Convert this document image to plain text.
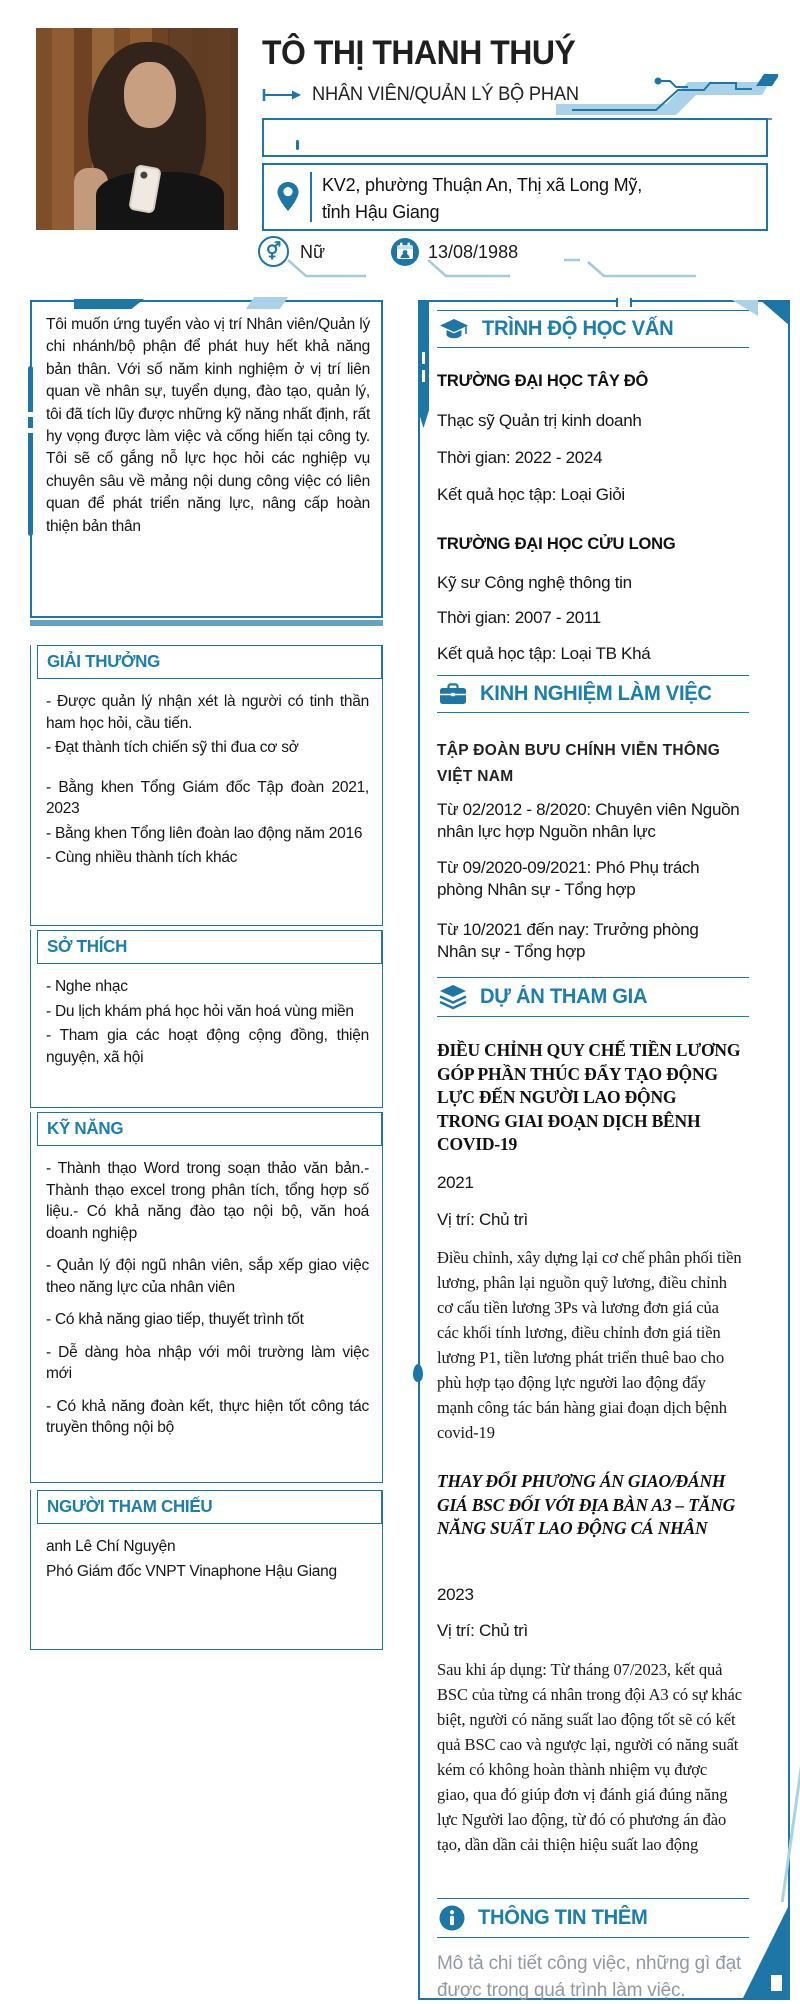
TÔ THỊ THANH THUÝ
NHÂN VIÊN/QUẢN LÝ BỘ PHAN
KV2, phường Thuận An, Thị xã Long Mỹ,
tỉnh Hậu Giang
⚥	Nữ	13/08/1988

Tôi muốn ứng tuyển vào vị trí Nhân viên/Quản lý chi nhánh/bộ phận để phát huy hết khả năng bản thân. Với số năm kinh nghiệm ở vị trí liên quan về nhân sự, tuyển dụng, đào tạo, quản lý, tôi đã tích lũy được những kỹ năng nhất định, rất hy vọng được làm việc và cống hiến tại công ty. Tôi sẽ cố gắng nỗ lực học hỏi các nghiệp vụ chuyên sâu về mảng nội dung công việc có liên quan để phát triển năng lực, nâng cấp hoàn thiện bản thân

GIẢI THƯỞNG

- Được quản lý nhận xét là người có tinh thần ham học hỏi, cầu tiến.

- Đạt thành tích chiến sỹ thi đua cơ sở

- Bằng khen Tổng Giám đốc Tập đoàn 2021, 2023

- Bằng khen Tổng liên đoàn lao động năm 2016

- Cùng nhiều thành tích khác

SỞ THÍCH

- Nghe nhạc

- Du lịch khám phá học hỏi văn hoá vùng miền

- Tham gia các hoạt động cộng đồng, thiện nguyện, xã hội

KỸ NĂNG

- Thành thạo Word trong soạn thảo văn bản.- Thành thạo excel trong phân tích, tổng hợp số liệu.- Có khả năng đào tạo nội bộ, văn hoá doanh nghiệp

- Quản lý đội ngũ nhân viên, sắp xếp giao việc theo năng lực của nhân viên

- Có khả năng giao tiếp, thuyết trình tốt

- Dễ dàng hòa nhập với môi trường làm việc mới

- Có khả năng đoàn kết, thực hiện tốt công tác truyền thông nội bộ

NGƯỜI THAM CHIẾU

anh Lê Chí Nguyện

Phó Giám đốc VNPT Vinaphone Hậu Giang

TRÌNH ĐỘ HỌC VẤN
TRƯỜNG ĐẠI HỌC TÂY ĐÔ
Thạc sỹ Quản trị kinh doanh
Thời gian: 2022 - 2024
Kết quả học tập: Loại Giỏi
TRƯỜNG ĐẠI HỌC CỬU LONG
Kỹ sư Công nghệ thông tin
Thời gian: 2007 - 2011
Kết quả học tập: Loại TB Khá
KINH NGHIỆM LÀM VIỆC
TẬP ĐOÀN BƯU CHÍNH VIỄN THÔNG VIỆT NAM
Từ 02/2012 - 8/2020: Chuyên viên Nguồn nhân lực hợp Nguồn nhân lực
Từ 09/2020-09/2021: Phó Phụ trách phòng Nhân sự - Tổng hợp
Từ 10/2021 đến nay: Trưởng phòng Nhân sự - Tổng hợp
DỰ ÁN THAM GIA
ĐIỀU CHỈNH QUY CHẾ TIỀN LƯƠNG GÓP PHẦN THÚC ĐẨY TẠO ĐỘNG LỰC ĐẾN NGƯỜI LAO ĐỘNG TRONG GIAI ĐOẠN DỊCH BÊNH COVID-19
2021
Vị trí: Chủ trì
Điều chỉnh, xây dựng lại cơ chế phân phối tiền lương, phân lại nguồn quỹ lương, điều chỉnh cơ cấu tiền lương 3Ps và lương đơn giá của các khối tính lương, điều chỉnh đơn giá tiền lương P1, tiền lương phát triển thuê bao cho phù hợp tạo động lực người lao động đẩy mạnh công tác bán hàng giai đoạn dịch bệnh covid-19
THAY ĐỔI PHƯƠNG ÁN GIAO/ĐÁNH GIÁ BSC ĐỐI VỚI ĐỊA BÀN A3 – TĂNG NĂNG SUẤT LAO ĐỘNG CÁ NHÂN
2023
Vị trí: Chủ trì
Sau khi áp dụng: Từ tháng 07/2023, kết quả BSC của từng cá nhân trong đội A3 có sự khác biệt, người có năng suất lao động tốt sẽ có kết quả BSC cao và ngược lại, người có năng suất kém có không hoàn thành nhiệm vụ được giao, qua đó giúp đơn vị đánh giá đúng năng lực Người lao động, từ đó có phương án đào tạo, dần dần cải thiện hiệu suất lao động
THÔNG TIN THÊM
Mô tả chi tiết công việc, những gì đạt được trong quá trình làm việc.
